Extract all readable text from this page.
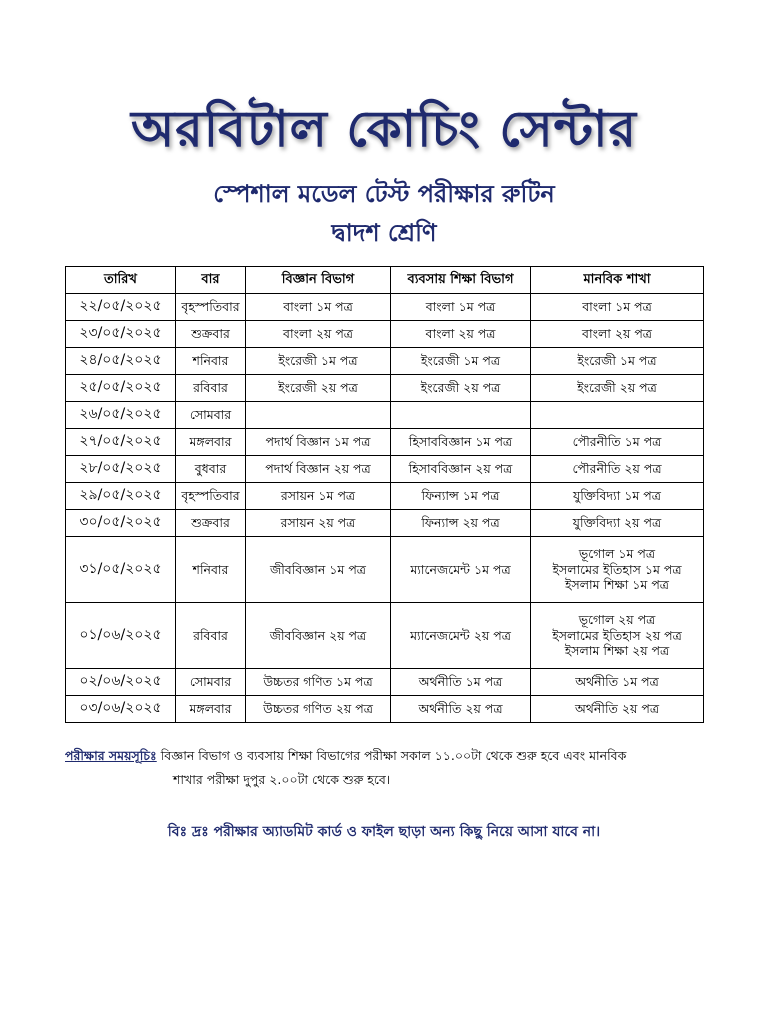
অরবিটাল কোচিং সেন্টার
স্পেশাল মডেল টেস্ট পরীক্ষার রুটিন
দ্বাদশ শ্রেণি
তারিখ	বার	বিজ্ঞান বিভাগ	ব্যবসায় শিক্ষা বিভাগ	মানবিক শাখা
২২/০৫/২০২৫	বৃহস্পতিবার	বাংলা ১ম পত্র	বাংলা ১ম পত্র	বাংলা ১ম পত্র

২৩/০৫/২০২৫	শুক্রবার	বাংলা ২য় পত্র	বাংলা ২য় পত্র	বাংলা ২য় পত্র

২৪/০৫/২০২৫	শনিবার	ইংরেজী ১ম পত্র	ইংরেজী ১ম পত্র	ইংরেজী ১ম পত্র

২৫/০৫/২০২৫	রবিবার	ইংরেজী ২য় পত্র	ইংরেজী ২য় পত্র	ইংরেজী ২য় পত্র

২৬/০৫/২০২৫	সোমবার			

২৭/০৫/২০২৫	মঙ্গলবার	পদার্থ বিজ্ঞান ১ম পত্র	হিসাববিজ্ঞান ১ম পত্র	পৌরনীতি ১ম পত্র

২৮/০৫/২০২৫	বুধবার	পদার্থ বিজ্ঞান ২য় পত্র	হিসাববিজ্ঞান ২য় পত্র	পৌরনীতি ২য় পত্র

২৯/০৫/২০২৫	বৃহস্পতিবার	রসায়ন ১ম পত্র	ফিন্যান্স ১ম পত্র	যুক্তিবিদ্যা ১ম পত্র

৩০/০৫/২০২৫	শুক্রবার	রসায়ন ২য় পত্র	ফিন্যান্স ২য় পত্র	যুক্তিবিদ্যা ২য় পত্র

৩১/০৫/২০২৫	শনিবার	জীববিজ্ঞান ১ম পত্র	ম্যানেজমেন্ট ১ম পত্র	ভূগোল ১ম পত্র
ইসলামের ইতিহাস ১ম পত্র
ইসলাম শিক্ষা ১ম পত্র

০১/০৬/২০২৫	রবিবার	জীববিজ্ঞান ২য় পত্র	ম্যানেজমেন্ট ২য় পত্র	ভূগোল ২য় পত্র
ইসলামের ইতিহাস ২য় পত্র
ইসলাম শিক্ষা ২য় পত্র

০২/০৬/২০২৫	সোমবার	উচ্চতর গণিত ১ম পত্র	অর্থনীতি ১ম পত্র	অর্থনীতি ১ম পত্র

০৩/০৬/২০২৫	মঙ্গলবার	উচ্চতর গণিত ২য় পত্র	অর্থনীতি ২য় পত্র	অর্থনীতি ২য় পত্র
পরীক্ষার সময়সূচিঃ বিজ্ঞান বিভাগ ও ব্যবসায় শিক্ষা বিভাগের পরীক্ষা সকাল ১১.০০টা থেকে শুরু হবে এবং মানবিক
শাখার পরীক্ষা দুপুর ২.০০টা থেকে শুরু হবে।
বিঃ দ্রঃ পরীক্ষার অ্যাডমিট কার্ড ও ফাইল ছাড়া অন্য কিছু নিয়ে আসা যাবে না।
